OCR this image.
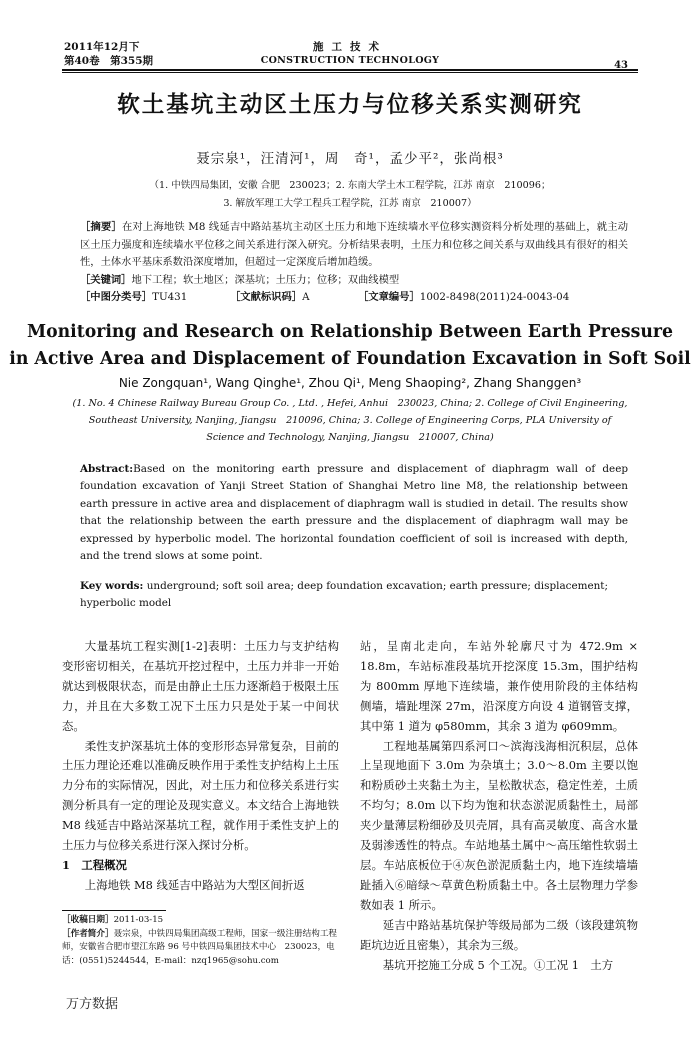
2011年12月下
第40卷　第355期
施工技术
CONSTRUCTION TECHNOLOGY	43
软土基坑主动区土压力与位移关系实测研究
聂宗泉¹，汪清河¹，周　奇¹，孟少平²，张尚根³
（1. 中铁四局集团，安徽 合肥　230023；2. 东南大学土木工程学院，江苏 南京　210096；
3. 解放军理工大学工程兵工程学院，江苏 南京　210007）
［摘要］在对上海地铁 M8 线延吉中路站基坑主动区土压力和地下连续墙水平位移实测资料分析处理的基础上，就主动区土压力强度和连续墙水平位移之间关系进行深入研究。分析结果表明，土压力和位移之间关系与双曲线具有很好的相关性，土体水平基床系数沿深度增加，但超过一定深度后增加趋缓。
［关键词］地下工程；软土地区；深基坑；土压力；位移；双曲线模型
［中图分类号］TU431	［文献标识码］A	［文章编号］1002-8498(2011)24-0043-04
Monitoring and Research on Relationship Between Earth Pressure
in Active Area and Displacement of Foundation Excavation in Soft Soil
Nie Zongquan¹, Wang Qinghe¹, Zhou Qi¹, Meng Shaoping², Zhang Shanggen³
(1. No. 4 Chinese Railway Bureau Group Co. , Ltd. , Hefei, Anhui　230023, China; 2. College of Civil Engineering,
Southeast University, Nanjing, Jiangsu　210096, China; 3. College of Engineering Corps, PLA University of
Science and Technology, Nanjing, Jiangsu　210007, China)
Abstract:Based on the monitoring earth pressure and displacement of diaphragm wall of deep foundation excavation of Yanji Street Station of Shanghai Metro line M8, the relationship between earth pressure in active area and displacement of diaphragm wall is studied in detail. The results show that the relationship between the earth pressure and the displacement of diaphragm wall may be expressed by hyperbolic model. The horizontal foundation coefficient of soil is increased with depth, and the trend slows at some point.
Key words: underground; soft soil area; deep foundation excavation; earth pressure; displacement; hyperbolic model

大量基坑工程实测[1-2]表明：土压力与支护结构变形密切相关，在基坑开挖过程中，土压力并非一开始就达到极限状态，而是由静止土压力逐渐趋于极限土压力，并且在大多数工况下土压力只是处于某一中间状态。

柔性支护深基坑土体的变形形态异常复杂，目前的土压力理论还难以准确反映作用于柔性支护结构上土压力分布的实际情况，因此，对土压力和位移关系进行实测分析具有一定的理论及现实意义。本文结合上海地铁 M8 线延吉中路站深基坑工程，就作用于柔性支护上的土压力与位移关系进行深入探讨分析。

1　工程概况

上海地铁 M8 线延吉中路站为大型区间折返

站，呈南北走向，车站外轮廓尺寸为 472.9m × 18.8m，车站标准段基坑开挖深度 15.3m，围护结构为 800mm 厚地下连续墙，兼作使用阶段的主体结构侧墙，墙趾埋深 27m，沿深度方向设 4 道钢管支撑，其中第 1 道为 φ580mm，其余 3 道为 φ609mm。

工程地基属第四系河口～滨海浅海相沉积层，总体上呈现地面下 3.0m 为杂填土；3.0～8.0m 主要以饱和粉质砂土夹黏土为主，呈松散状态，稳定性差，土质不均匀；8.0m 以下均为饱和状态淤泥质黏性土，局部夹少量薄层粉细砂及贝壳屑，具有高灵敏度、高含水量及弱渗透性的特点。车站地基土属中～高压缩性软弱土层。车站底板位于④灰色淤泥质黏土内，地下连续墙墙趾插入⑥暗绿～草黄色粉质黏土中。各土层物理力学参数如表 1 所示。

延吉中路站基坑保护等级局部为二级（该段建筑物距坑边近且密集），其余为三级。

基坑开挖施工分成 5 个工况。①工况 1　土方

［收稿日期］2011-03-15
［作者简介］聂宗泉，中铁四局集团高级工程师，国家一级注册结构工程师，安徽省合肥市望江东路 96 号中铁四局集团技术中心　230023，电话：(0551)5244544，E-mail：nzq1965@sohu.com
万方数据
